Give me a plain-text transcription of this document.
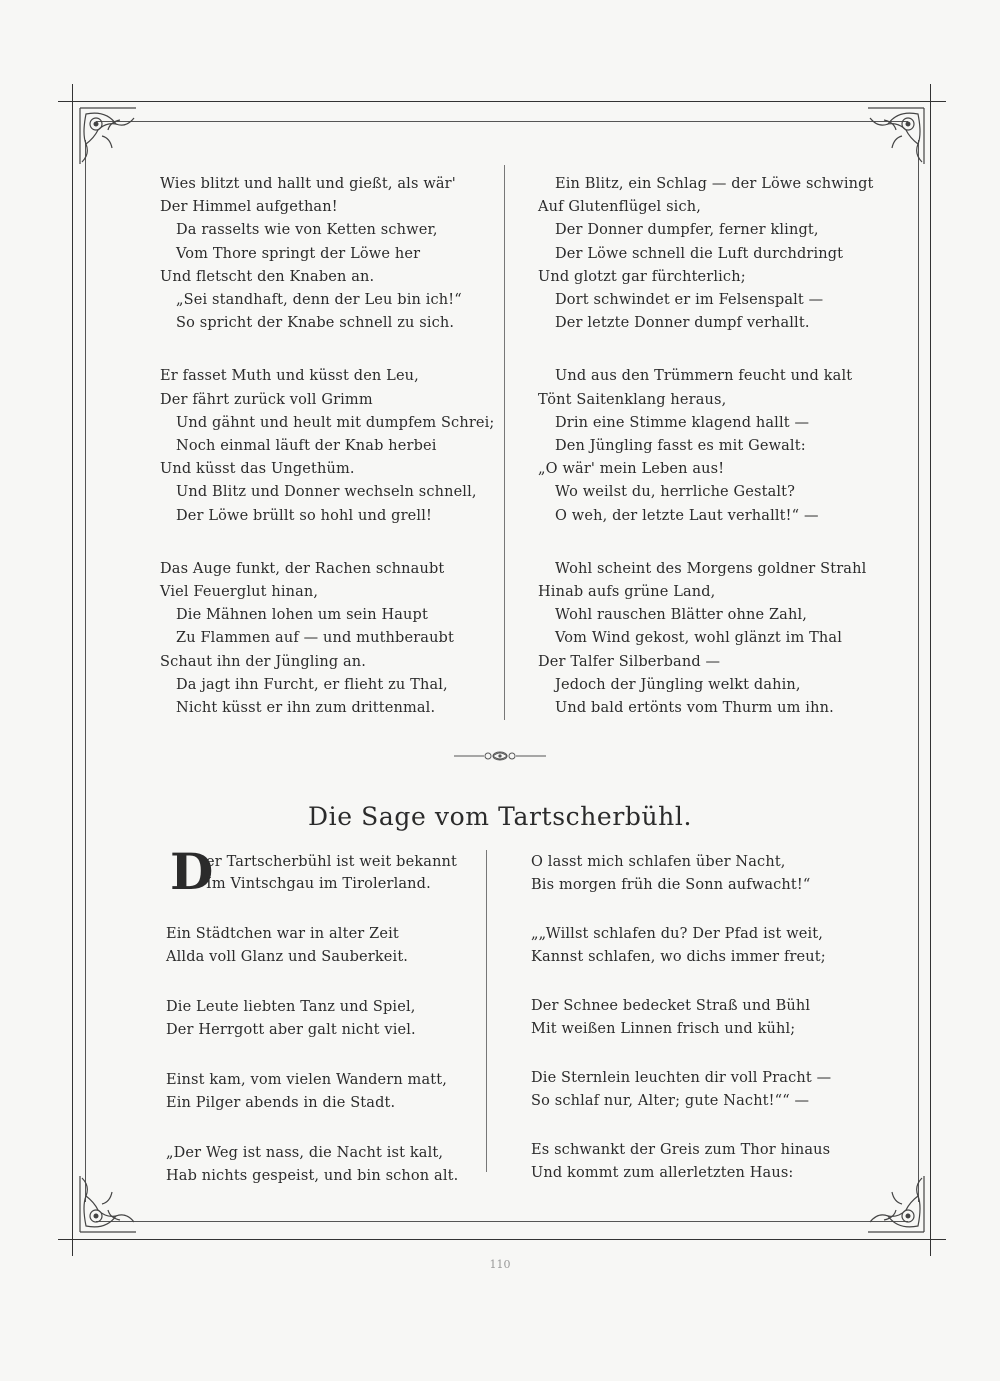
Wies blitzt und hallt und gießt, als wär'
Der Himmel aufgethan!
Da rasselts wie von Ketten schwer,
Vom Thore springt der Löwe her
Und fletscht den Knaben an.
„Sei standhaft, denn der Leu bin ich!“
So spricht der Knabe schnell zu sich.
Er fasset Muth und küsst den Leu,
Der fährt zurück voll Grimm
Und gähnt und heult mit dumpfem Schrei;
Noch einmal läuft der Knab herbei
Und küsst das Ungethüm.
Und Blitz und Donner wechseln schnell,
Der Löwe brüllt so hohl und grell!
Das Auge funkt, der Rachen schnaubt
Viel Feuerglut hinan,
Die Mähnen lohen um sein Haupt
Zu Flammen auf — und muthberaubt
Schaut ihn der Jüngling an.
Da jagt ihn Furcht, er flieht zu Thal,
Nicht küsst er ihn zum drittenmal.
Ein Blitz, ein Schlag — der Löwe schwingt
Auf Glutenflügel sich,
Der Donner dumpfer, ferner klingt,
Der Löwe schnell die Luft durchdringt
Und glotzt gar fürchterlich;
Dort schwindet er im Felsenspalt —
Der letzte Donner dumpf verhallt.
Und aus den Trümmern feucht und kalt
Tönt Saitenklang heraus,
Drin eine Stimme klagend hallt —
Den Jüngling fasst es mit Gewalt:
„O wär' mein Leben aus!
Wo weilst du, herrliche Gestalt?
O weh, der letzte Laut verhallt!“ —
Wohl scheint des Morgens goldner Strahl
Hinab aufs grüne Land,
Wohl rauschen Blätter ohne Zahl,
Vom Wind gekost, wohl glänzt im Thal
Der Talfer Silberband —
Jedoch der Jüngling welkt dahin,
Und bald ertönts vom Thurm um ihn.
Die Sage vom Tartscherbühl.
D
er Tartscherbühl ist weit bekannt
Im Vintschgau im Tirolerland.
Ein Städtchen war in alter Zeit
Allda voll Glanz und Sauberkeit.
Die Leute liebten Tanz und Spiel,
Der Herrgott aber galt nicht viel.
Einst kam, vom vielen Wandern matt,
Ein Pilger abends in die Stadt.
„Der Weg ist nass, die Nacht ist kalt,
Hab nichts gespeist, und bin schon alt.
O lasst mich schlafen über Nacht,
Bis morgen früh die Sonn aufwacht!“
„„Willst schlafen du? Der Pfad ist weit,
Kannst schlafen, wo dichs immer freut;
Der Schnee bedecket Straß und Bühl
Mit weißen Linnen frisch und kühl;
Die Sternlein leuchten dir voll Pracht —
So schlaf nur, Alter; gute Nacht!““ —
Es schwankt der Greis zum Thor hinaus
Und kommt zum allerletzten Haus:
110
